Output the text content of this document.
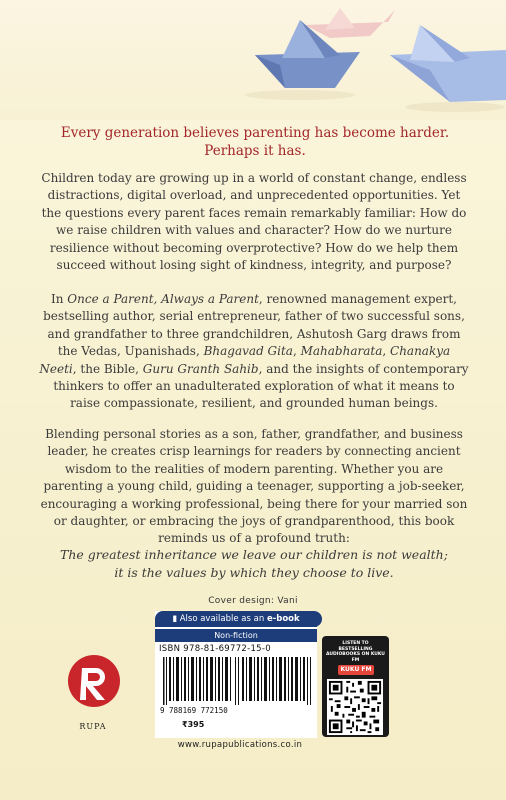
Every generation believes parenting has become harder.
Perhaps it has.
Children today are growing up in a world of constant change, endless distractions, digital overload, and unprecedented opportunities. Yet the questions every parent faces remain remarkably familiar: How do we raise children with values and character? How do we nurture resilience without becoming overprotective? How do we help them succeed without losing sight of kindness, integrity, and purpose?
In Once a Parent, Always a Parent, renowned management expert, bestselling author, serial entrepreneur, father of two successful sons, and grandfather to three grandchildren, Ashutosh Garg draws from the Vedas, Upanishads, Bhagavad Gita, Mahabharata, Chanakya Neeti, the Bible, Guru Granth Sahib, and the insights of contemporary thinkers to offer an unadulterated exploration of what it means to raise compassionate, resilient, and grounded human beings.
Blending personal stories as a son, father, grandfather, and business leader, he creates crisp learnings for readers by connecting ancient wisdom to the realities of modern parenting. Whether you are parenting a young child, guiding a teenager, supporting a job-seeker, encouraging a working professional, being there for your married son or daughter, or embracing the joys of grandparenthood, this book reminds us of a profound truth:
The greatest inheritance we leave our children is not wealth;
it is the values by which they choose to live.
Cover design: Vani
RUPA
▮ Also available as an e-book
Non-fiction
ISBN 978-81-69772-15-0
9 788169 772150
₹395
LISTEN TO BESTSELLING AUDIOBOOKS ON KUKU FM
KUKU FM
www.rupapublications.co.in
